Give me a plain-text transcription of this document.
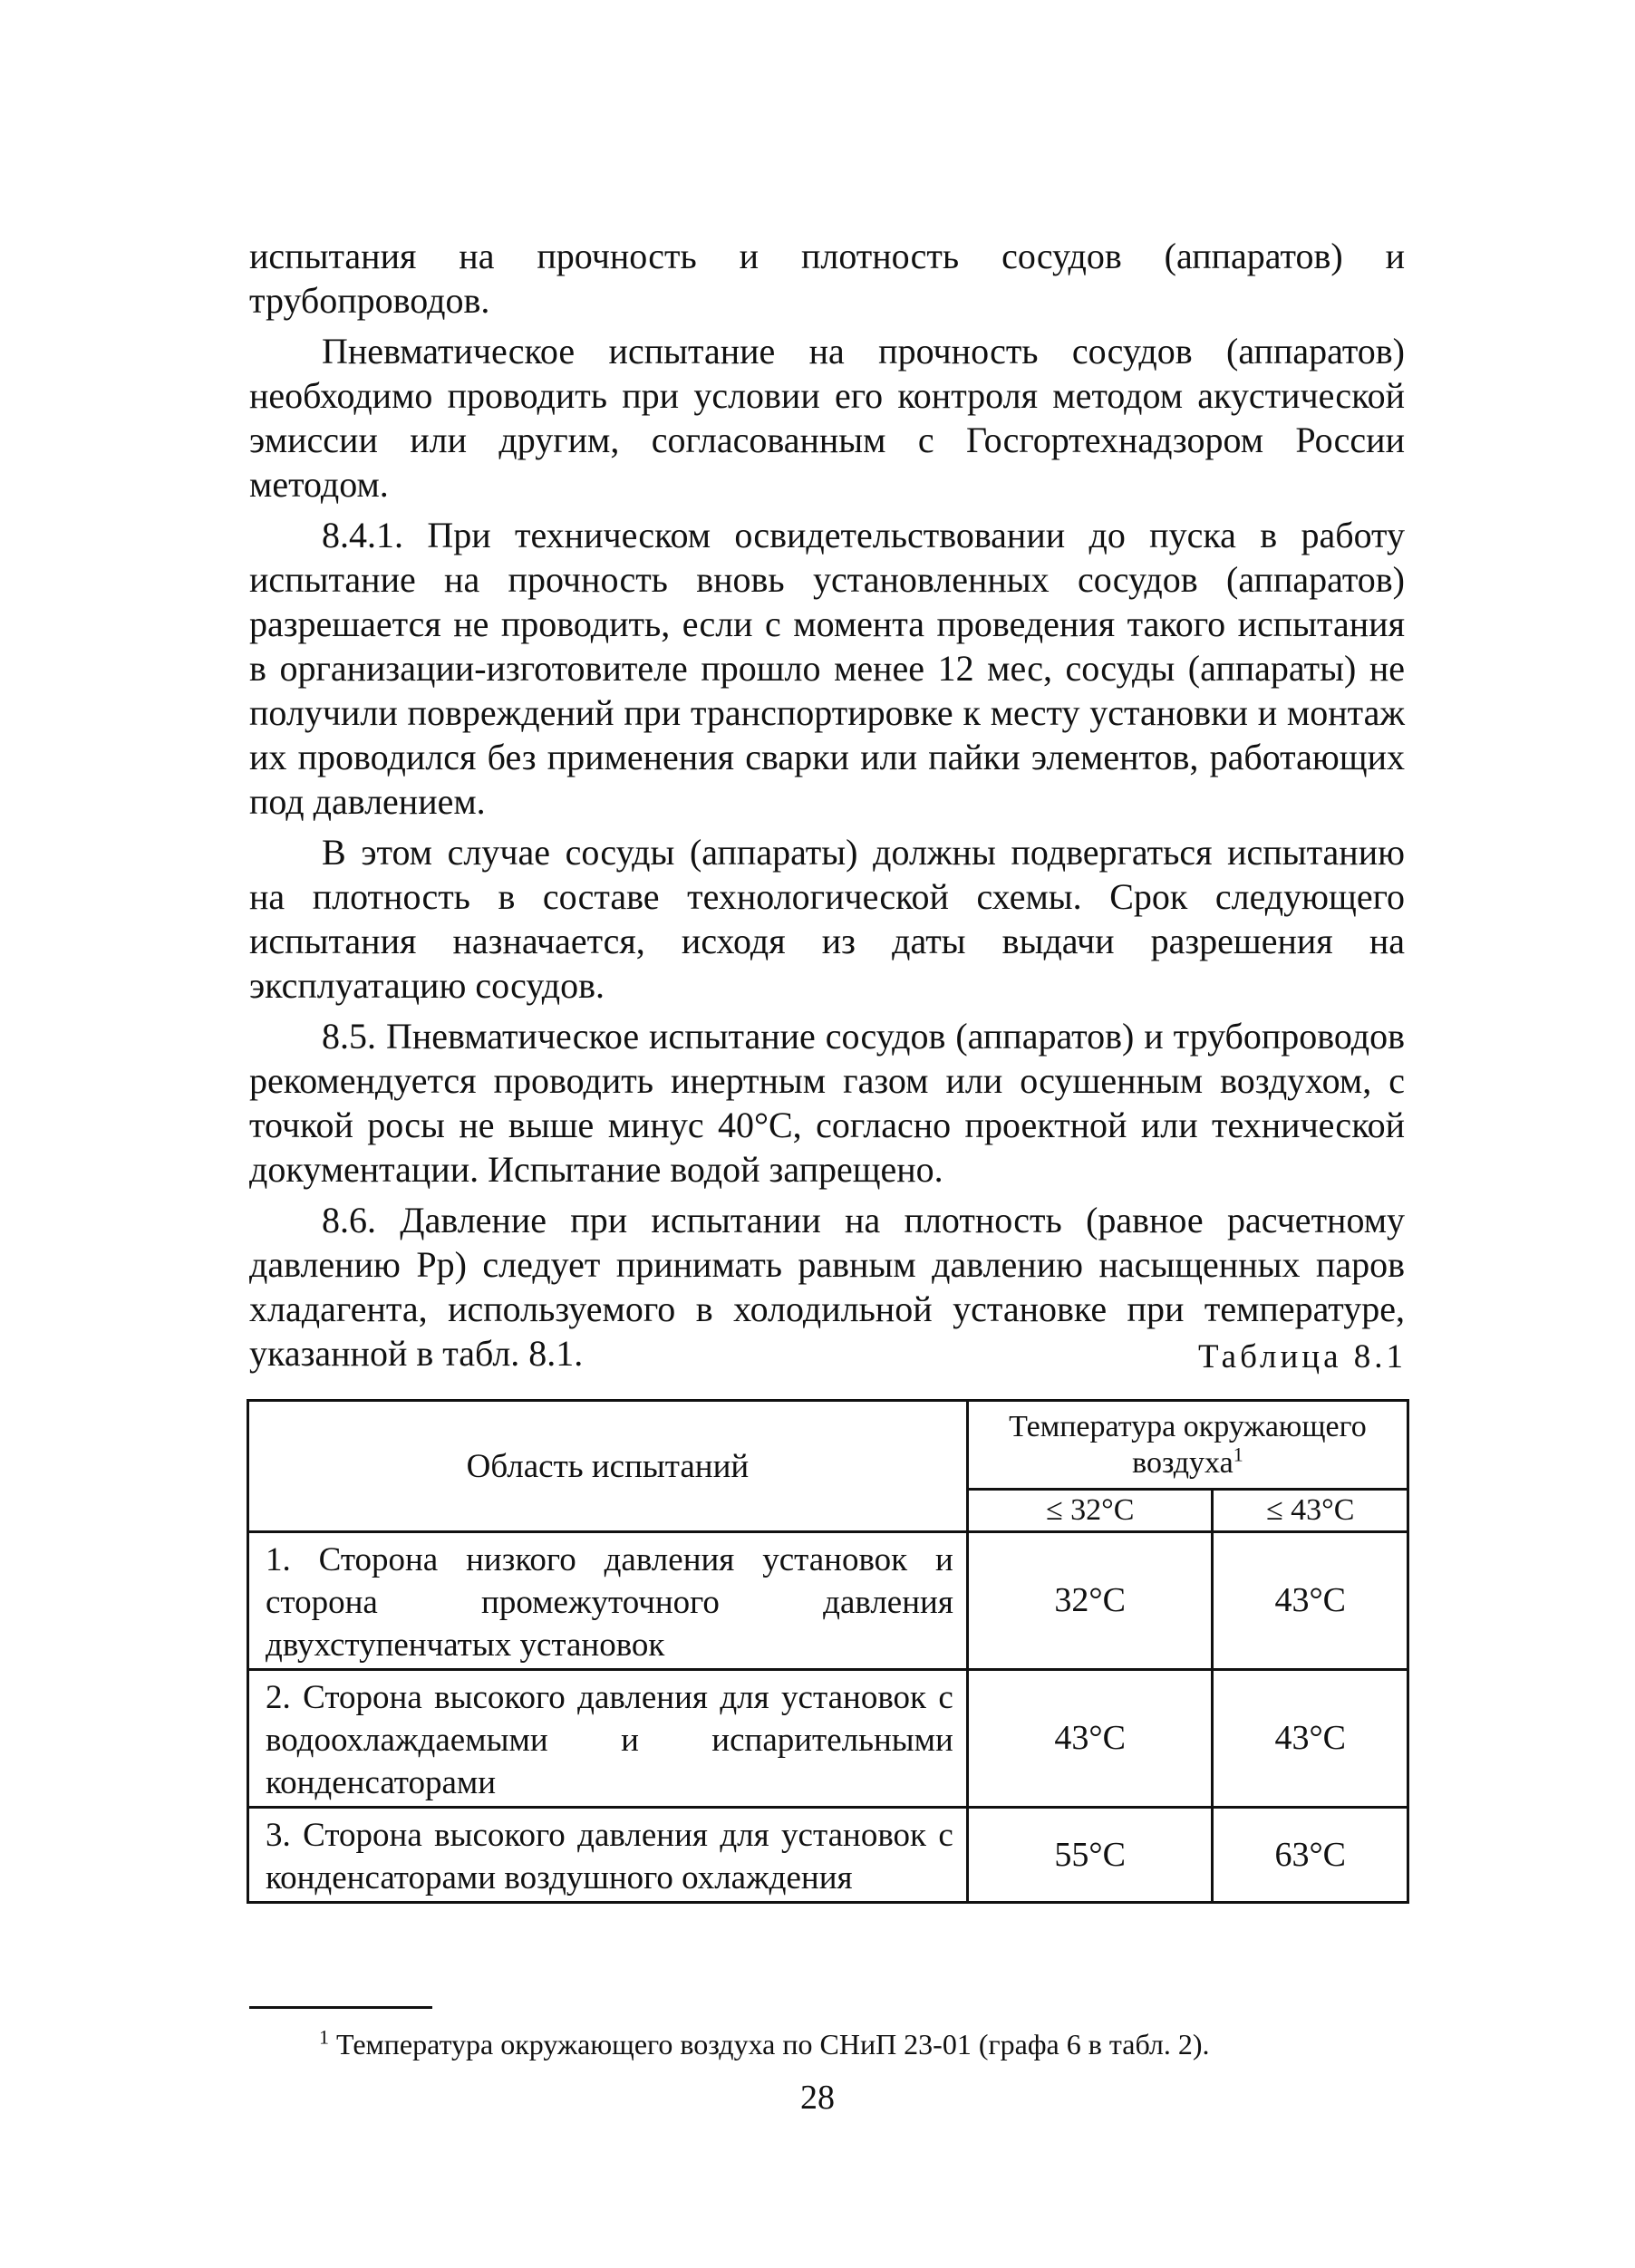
испытания на прочность и плотность сосудов (аппаратов) и трубопроводов.

Пневматическое испытание на прочность сосудов (аппаратов) необходимо проводить при условии его контроля методом акустической эмиссии или другим, согласованным с Госгортехнадзором России методом.

8.4.1. При техническом освидетельствовании до пуска в работу испытание на прочность вновь установленных сосудов (аппаратов) разрешается не проводить, если с момента проведения такого испытания в организации-изготовителе прошло менее 12 мес, сосуды (аппараты) не получили повреждений при транспортировке к месту установки и монтаж их проводился без применения сварки или пайки элементов, работающих под давлением.

В этом случае сосуды (аппараты) должны подвергаться испытанию на плотность в составе технологической схемы. Срок следующего испытания назначается, исходя из даты выдачи разрешения на эксплуатацию сосудов.

8.5. Пневматическое испытание сосудов (аппаратов) и трубопроводов рекомендуется проводить инертным газом или осушенным воздухом, с точкой росы не выше минус 40°С, согласно проектной или технической документации. Испытание водой запрещено.

8.6. Давление при испытании на плотность (равное расчетному давлению Pр) следует принимать равным давлению насыщенных паров хладагента, используемого в холодильной установке при температуре, указанной в табл. 8.1.	Таблица 8.1
Область испытаний	Температура окружающего воздуха$^1$
	≤ 32°С	≤ 43°С
1. Сторона низкого давления установок и сторона промежуточного давления двухступенчатых установок	32°С	43°С
2. Сторона высокого давления для установок с водоохлаждаемыми и испарительными конденсаторами	43°С	43°С
3. Сторона высокого давления для установок с конденсаторами воздушного охлаждения	55°С	63°С
$^1$ Температура окружающего воздуха по СНиП 23-01 (графа 6 в табл. 2).
28
